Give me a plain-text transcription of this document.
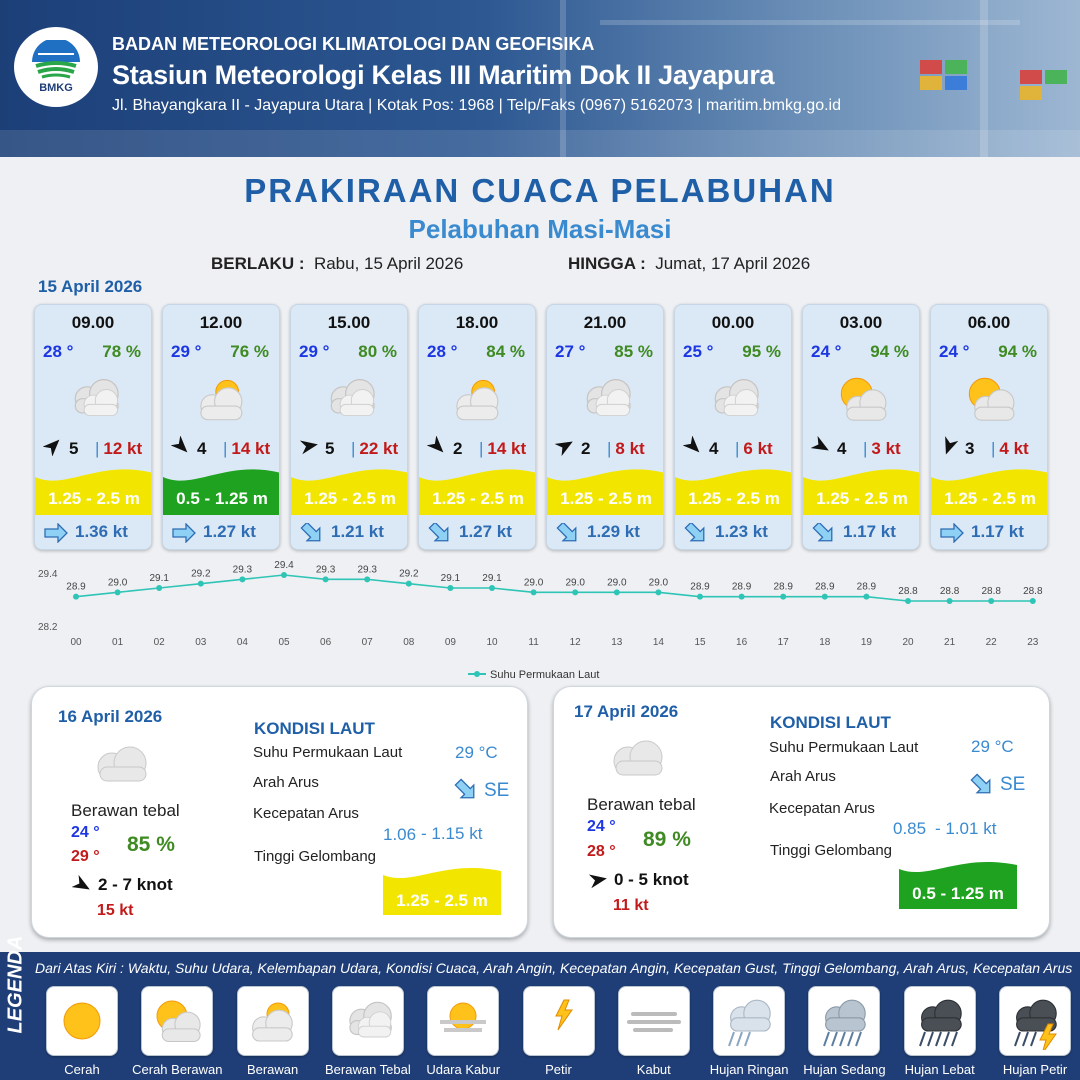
BMKG
BADAN METEOROLOGI KLIMATOLOGI DAN GEOFISIKA
Stasiun Meteorologi Kelas III Maritim Dok II Jayapura
Jl. Bhayangkara II - Jayapura Utara | Kotak Pos: 1968 | Telp/Faks (0967) 5162073 | maritim.bmkg.go.id
PRAKIRAAN CUACA PELABUHAN
Pelabuhan Masi-Masi
BERLAKU : Rabu, 15 April 2026	HINGGA : Jumat, 17 April 2026
15 April 2026
09.00
28 ° 78 %
5 | 12 kt
1.25 - 2.5 m
1.36 kt
12.00
29 ° 76 %
4 | 14 kt
0.5 - 1.25 m
1.27 kt
15.00
29 ° 80 %
5 | 22 kt
1.25 - 2.5 m
1.21 kt
18.00
28 ° 84 %
2 | 14 kt
1.25 - 2.5 m
1.27 kt
21.00
27 ° 85 %
2 | 8 kt
1.25 - 2.5 m
1.29 kt
00.00
25 ° 95 %
4 | 6 kt
1.25 - 2.5 m
1.23 kt
03.00
24 ° 94 %
4 | 3 kt
1.25 - 2.5 m
1.17 kt
06.00
24 ° 94 %
3 | 4 kt
1.25 - 2.5 m
1.17 kt
29.4
28.2
28.9
00
29.0
01
29.1
02
29.2
03
29.3
04
29.4
05
29.3
06
29.3
07
29.2
08
29.1
09
29.1
10
29.0
11
29.0
12
29.0
13
29.0
14
28.9
15
28.9
16
28.9
17
28.9
18
28.9
19
28.8
20
28.8
21
28.8
22
28.8
23
Suhu Permukaan Laut
16 April 2026
Berawan tebal
24 °
29 °
85 %
2 - 7 knot
15 kt
KONDISI LAUT
Suhu Permukaan Laut	29 °C
Arah Arus	SE
Kecepatan Arus
1.06 - 1.15 kt
Tinggi Gelombang
1.25 - 2.5 m
17 April 2026
Berawan tebal
24 °
28 °
89 %
0 - 5 knot
11 kt
KONDISI LAUT
Suhu Permukaan Laut	29 °C
Arah Arus	SE
Kecepatan Arus
0.85 - 1.01 kt
Tinggi Gelombang
0.5 - 1.25 m
LEGENDA Dari Atas Kiri : Waktu, Suhu Udara, Kelembapan Udara, Kondisi Cuaca, Arah Angin, Kecepatan Angin, Kecepatan Gust, Tinggi Gelombang, Arah Arus, Kecepatan Arus
Cerah	Cerah Berawan	Berawan	Berawan Tebal	Udara Kabur	Petir	Kabut	Hujan Ringan	Hujan Sedang	Hujan Lebat	Hujan Petir
